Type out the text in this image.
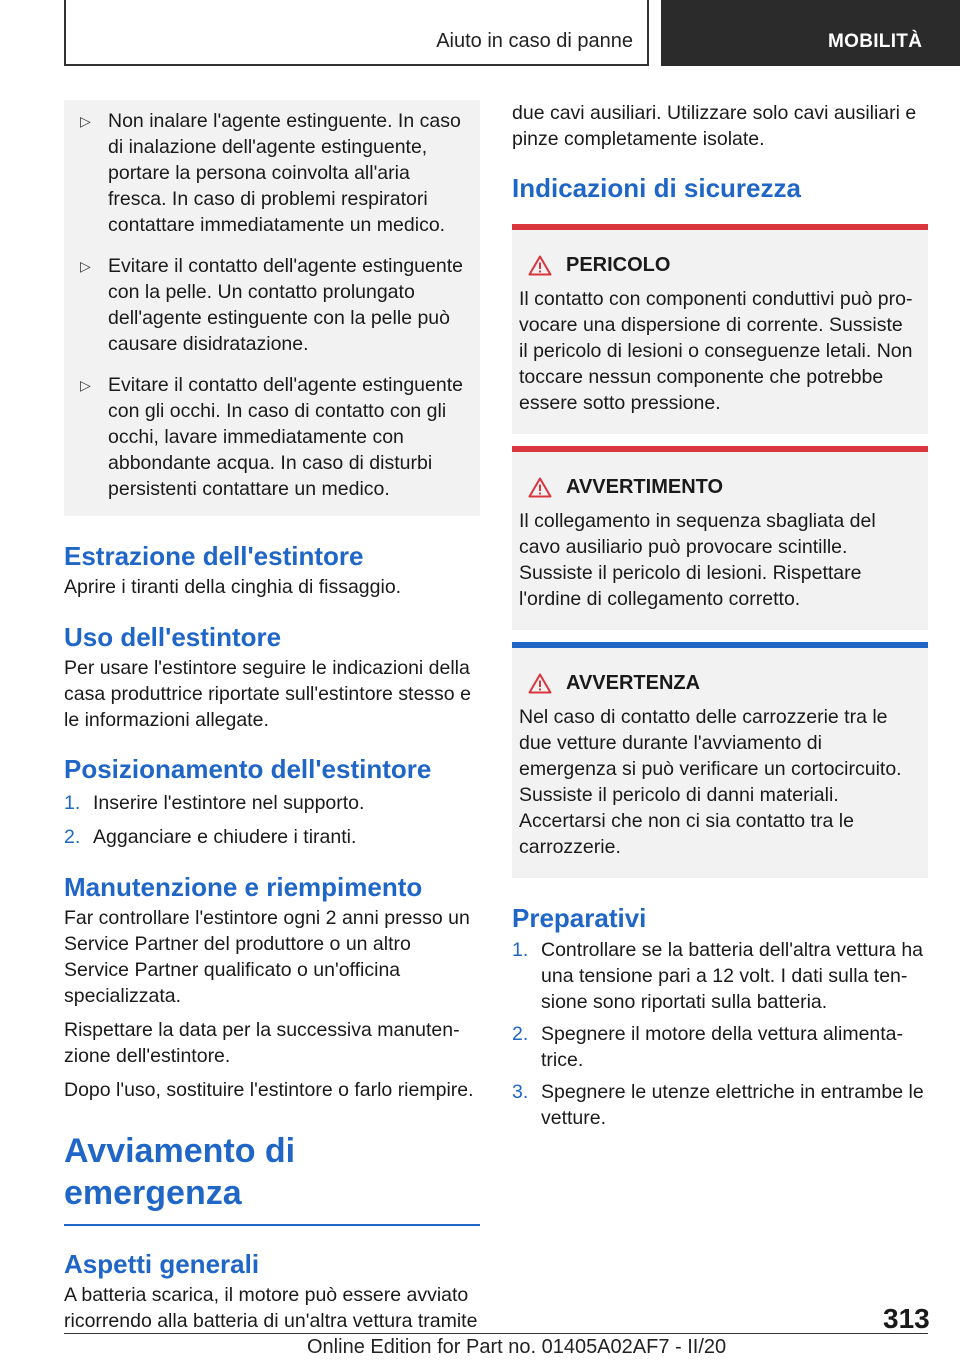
Aiuto in caso di panne	MOBILITÀ
▷ Non inalare l'agente estinguente. In caso di inalazione dell'agente estinguente, portare la persona coinvolta all'aria fresca. In caso di problemi respiratori contattare immediatamente un medico.
▷ Evitare il contatto dell'agente estinguente con la pelle. Un contatto prolungato dell'agente estinguente con la pelle può causare disidratazione.
▷ Evitare il contatto dell'agente estinguente con gli occhi. In caso di contatto con gli occhi, lavare immediatamente con abbondante acqua. In caso di disturbi persistenti contattare un medico.
Estrazione dell'estintore

Aprire i tiranti della cinghia di fissaggio.

Uso dell'estintore

Per usare l'estintore seguire le indicazioni della casa produttrice riportate sull'estintore stesso e le informazioni allegate.

Posizionamento dell'estintore
1. Inserire l'estintore nel supporto.
2. Agganciare e chiudere i tiranti.
Manutenzione e riempimento

Far controllare l'estintore ogni 2 anni presso un Service Partner del produttore o un altro Service Partner qualificato o un'officina specializzata.

Rispettare la data per la successiva manutenzione dell'estintore.

Dopo l'uso, sostituire l'estintore o farlo riempire.

Avviamento di emergenza
Aspetti generali

A batteria scarica, il motore può essere avviato ricorrendo alla batteria di un'altra vettura tramite

due cavi ausiliari. Utilizzare solo cavi ausiliari e pinze completamente isolate.

Indicazioni di sicurezza
PERICOLO
Il contatto con componenti conduttivi può provocare una dispersione di corrente. Sussiste il pericolo di lesioni o conseguenze letali. Non toccare nessun componente che potrebbe essere sotto pressione.
AVVERTIMENTO
Il collegamento in sequenza sbagliata del cavo ausiliario può provocare scintille. Sussiste il pericolo di lesioni. Rispettare l'ordine di collegamento corretto.
AVVERTENZA
Nel caso di contatto delle carrozzerie tra le due vetture durante l'avviamento di emergenza si può verificare un cortocircuito. Sussiste il pericolo di danni materiali. Accertarsi che non ci sia contatto tra le carrozzerie.
Preparativi
1. Controllare se la batteria dell'altra vettura ha una tensione pari a 12 volt. I dati sulla tensione sono riportati sulla batteria.
2. Spegnere il motore della vettura alimentatrice.
3. Spegnere le utenze elettriche in entrambe le vetture.
313
Online Edition for Part no. 01405A02AF7 - II/20
